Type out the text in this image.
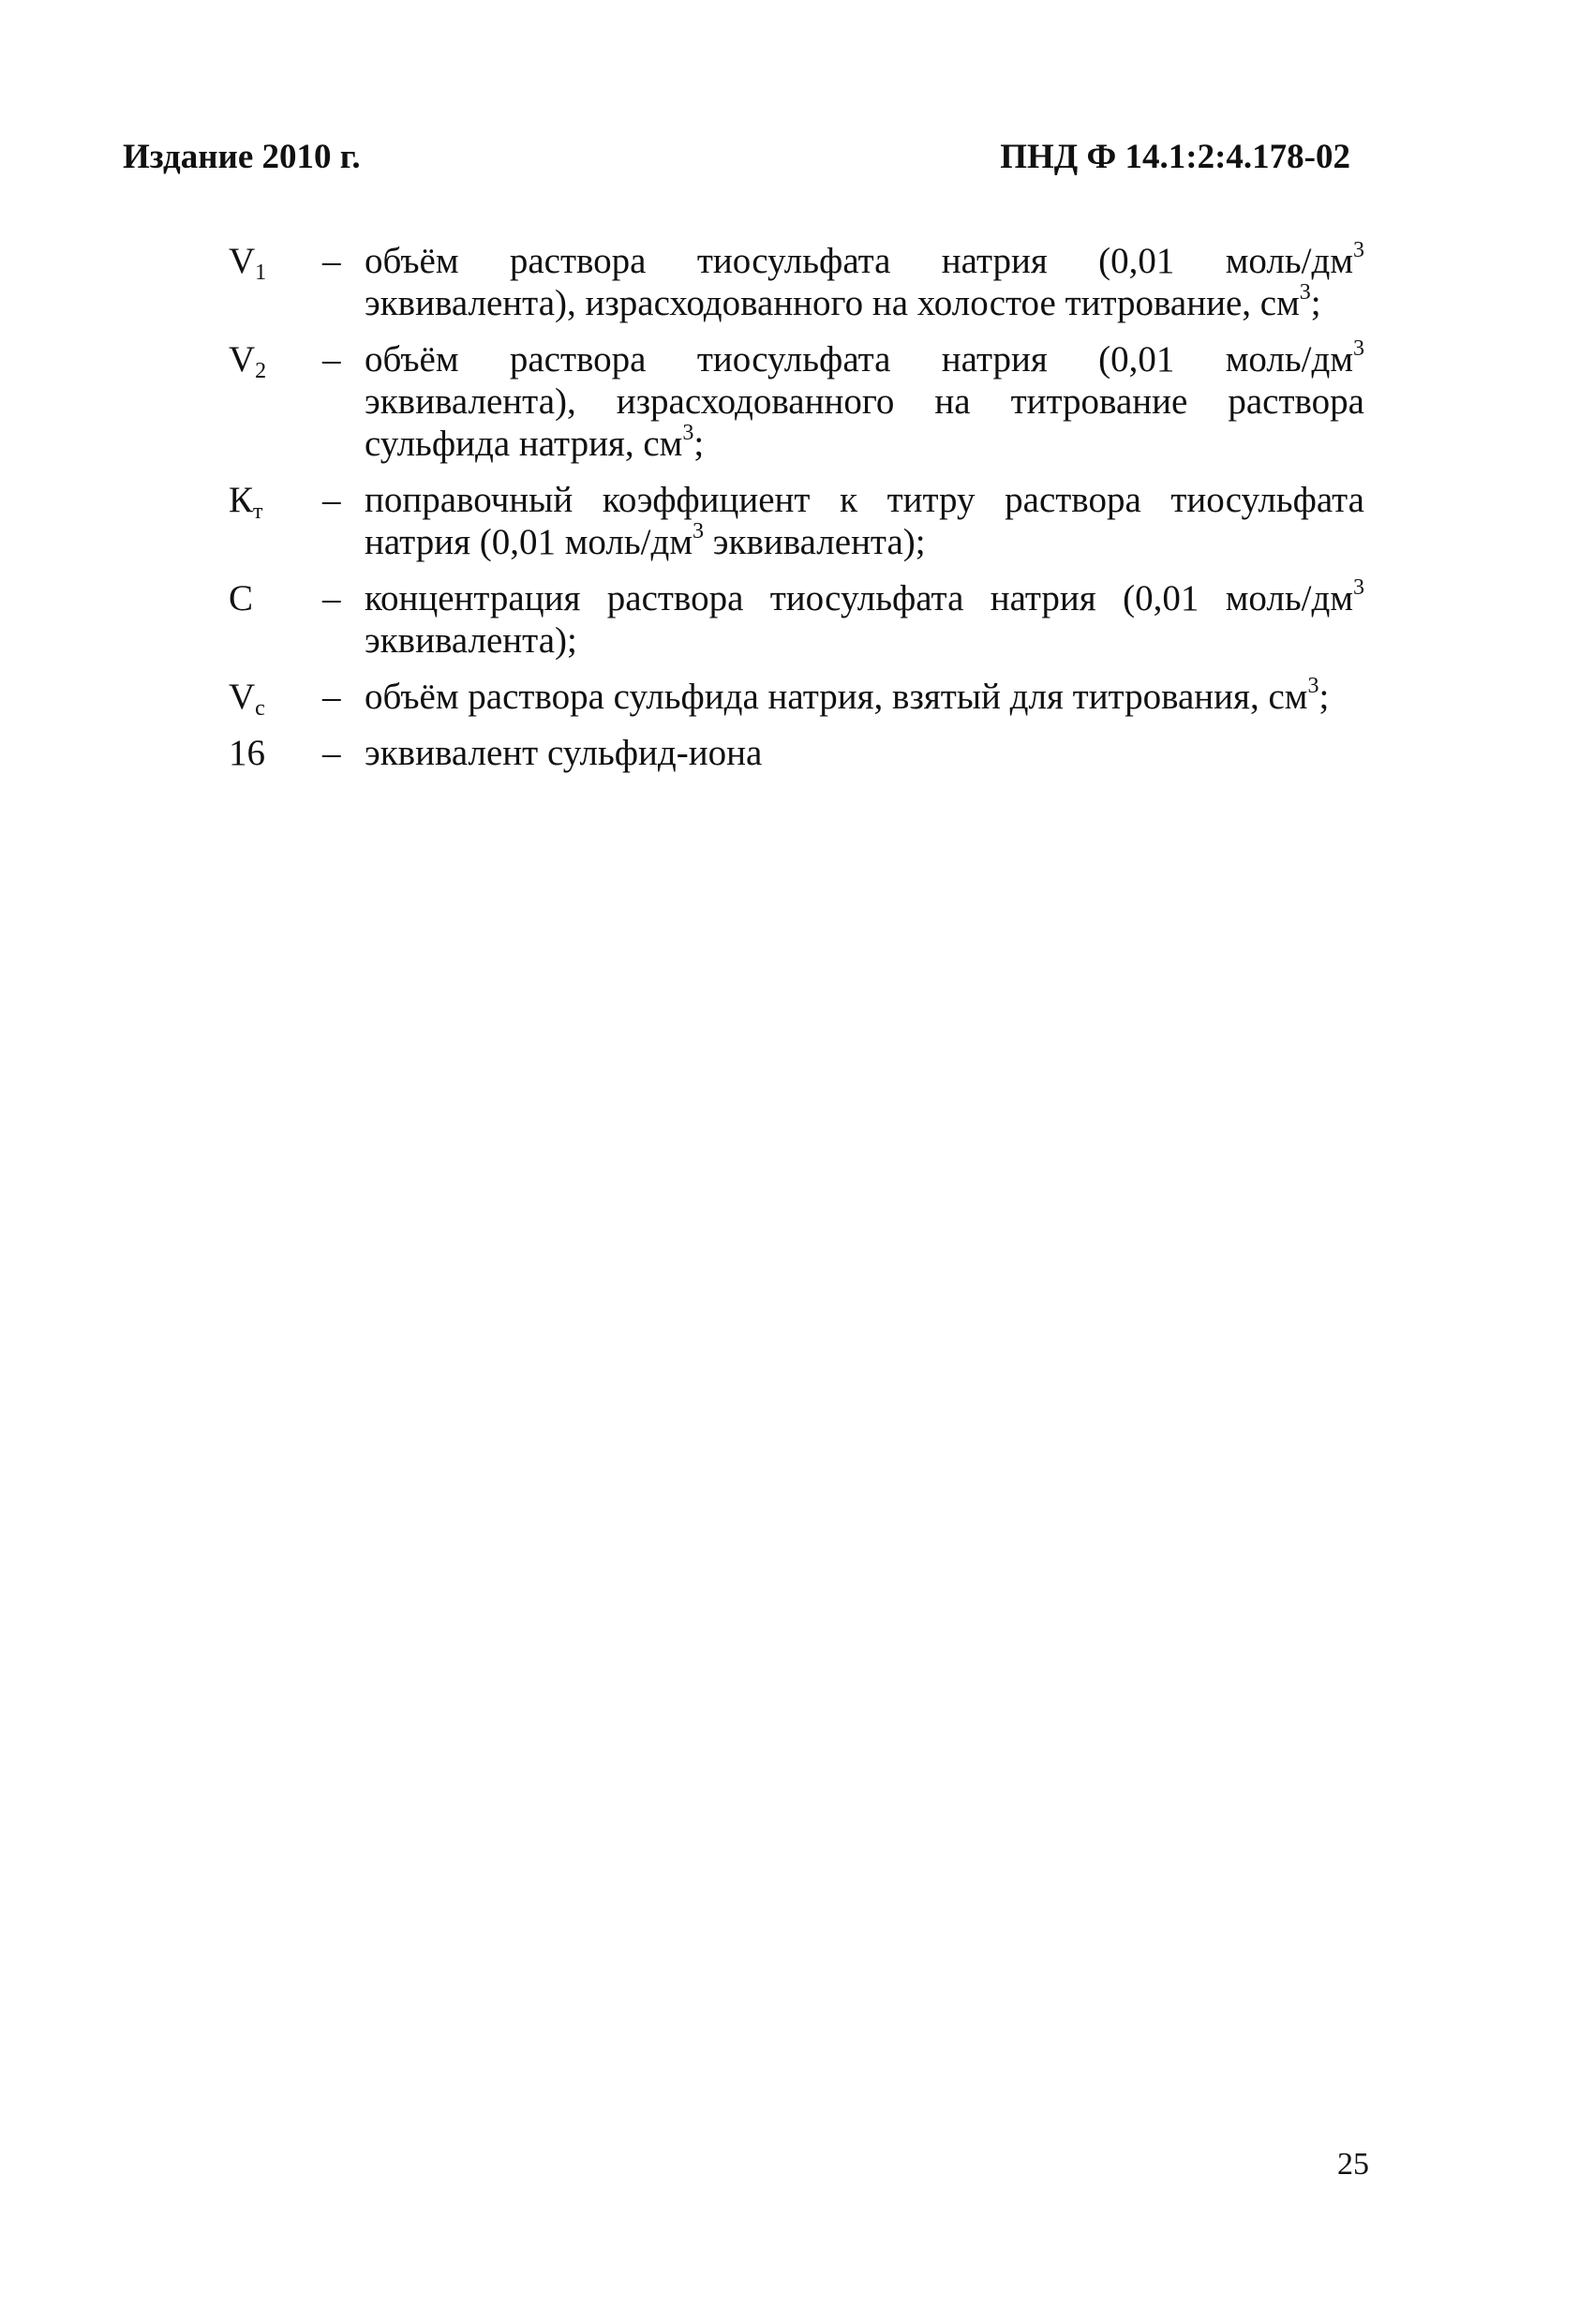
Издание 2010 г.	ПНД Ф 14.1:2:4.178-02
$V_1$ – объём раствора тиосульфата натрия (0,01 моль/$дм^3$ эквивалента), израсходованного на холостое титрование, $см^3$;
$V_2$ – объём раствора тиосульфата натрия (0,01 моль/$дм^3$ эквивалента), израсходованного на титрование раствора сульфида натрия, $см^3$;
$К_т$ – поправочный коэффициент к титру раствора тиосульфата натрия (0,01 моль/$дм^3$ эквивалента);
С – концентрация раствора тиосульфата натрия (0,01 моль/$дм^3$ эквивалента);
$V_c$ – объём раствора сульфида натрия, взятый для титрования, $см^3$;
16 – эквивалент сульфид-иона
25
